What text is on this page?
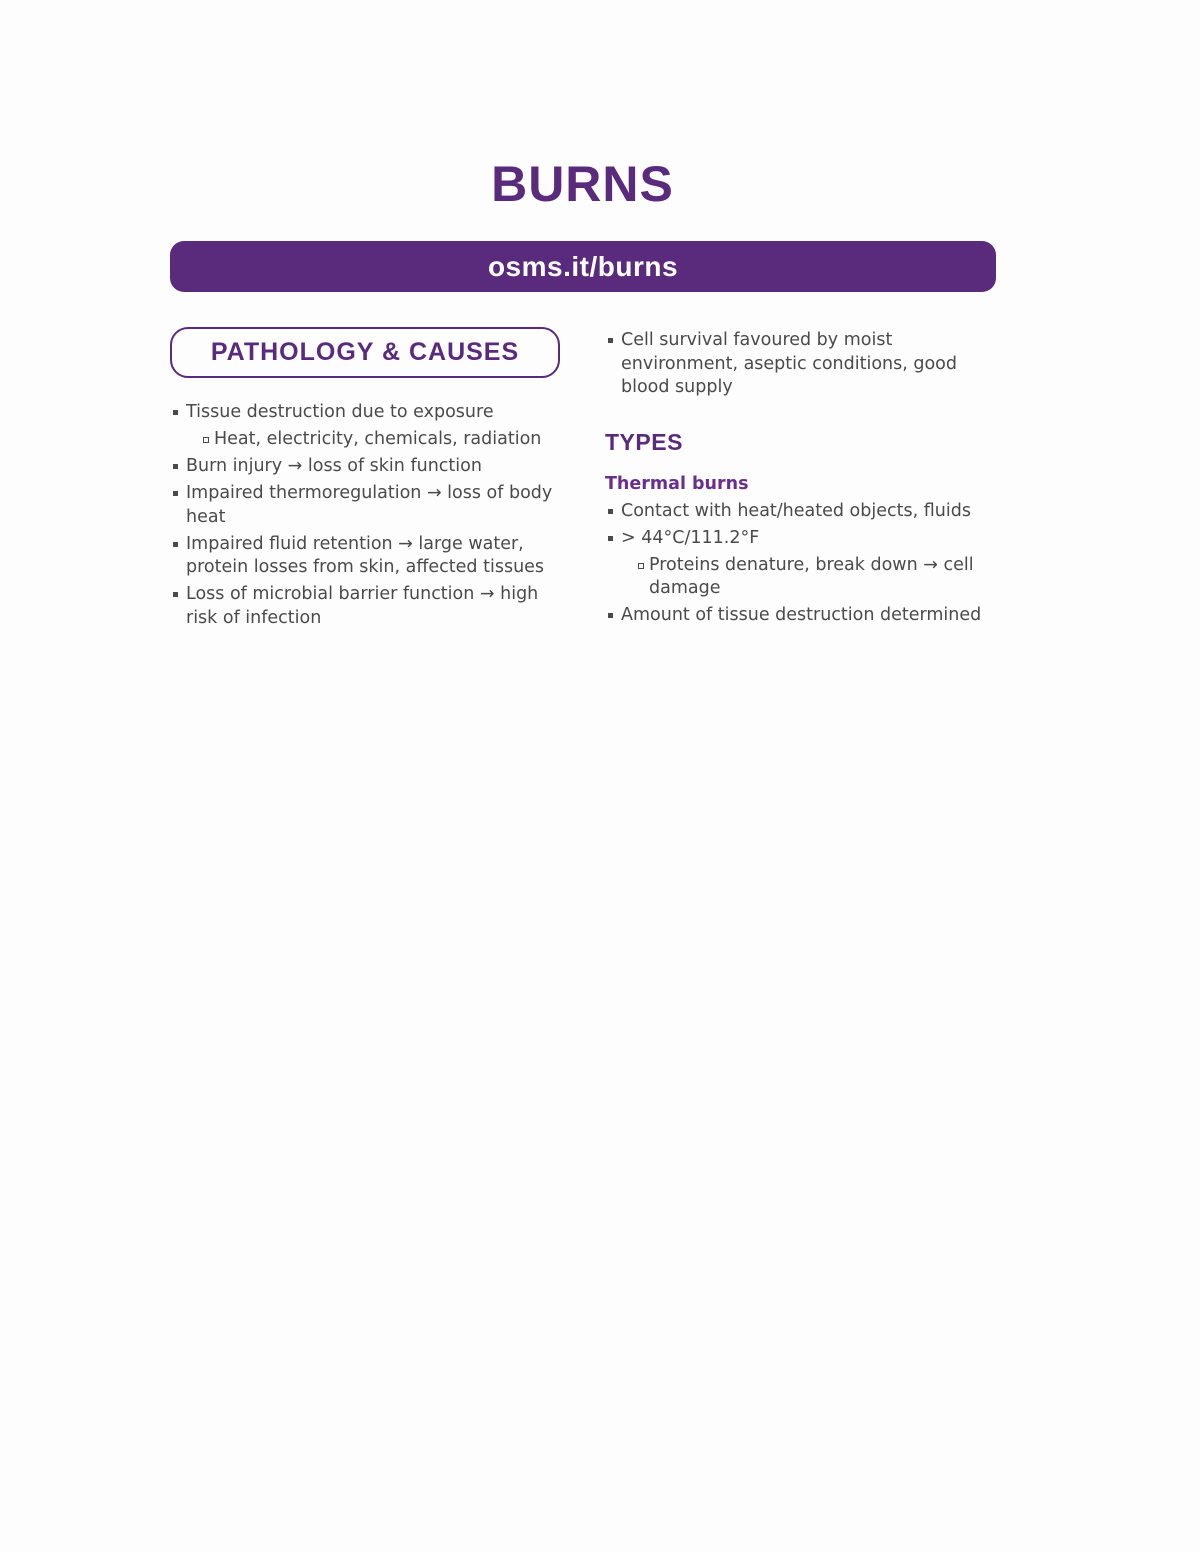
BURNS
osms.it/burns
PATHOLOGY & CAUSES
Tissue destruction due to exposure
Heat, electricity, chemicals, radiation
Burn injury → loss of skin function
Impaired thermoregulation → loss of body heat
Impaired fluid retention → large water, protein losses from skin, affected tissues
Loss of microbial barrier function → high risk of infection
Cell survival favoured by moist environment, aseptic conditions, good blood supply
TYPES
Thermal burns
Contact with heat/heated objects, fluids
> 44°C/111.2°F
Proteins denature, break down → cell damage
Amount of tissue destruction determined
